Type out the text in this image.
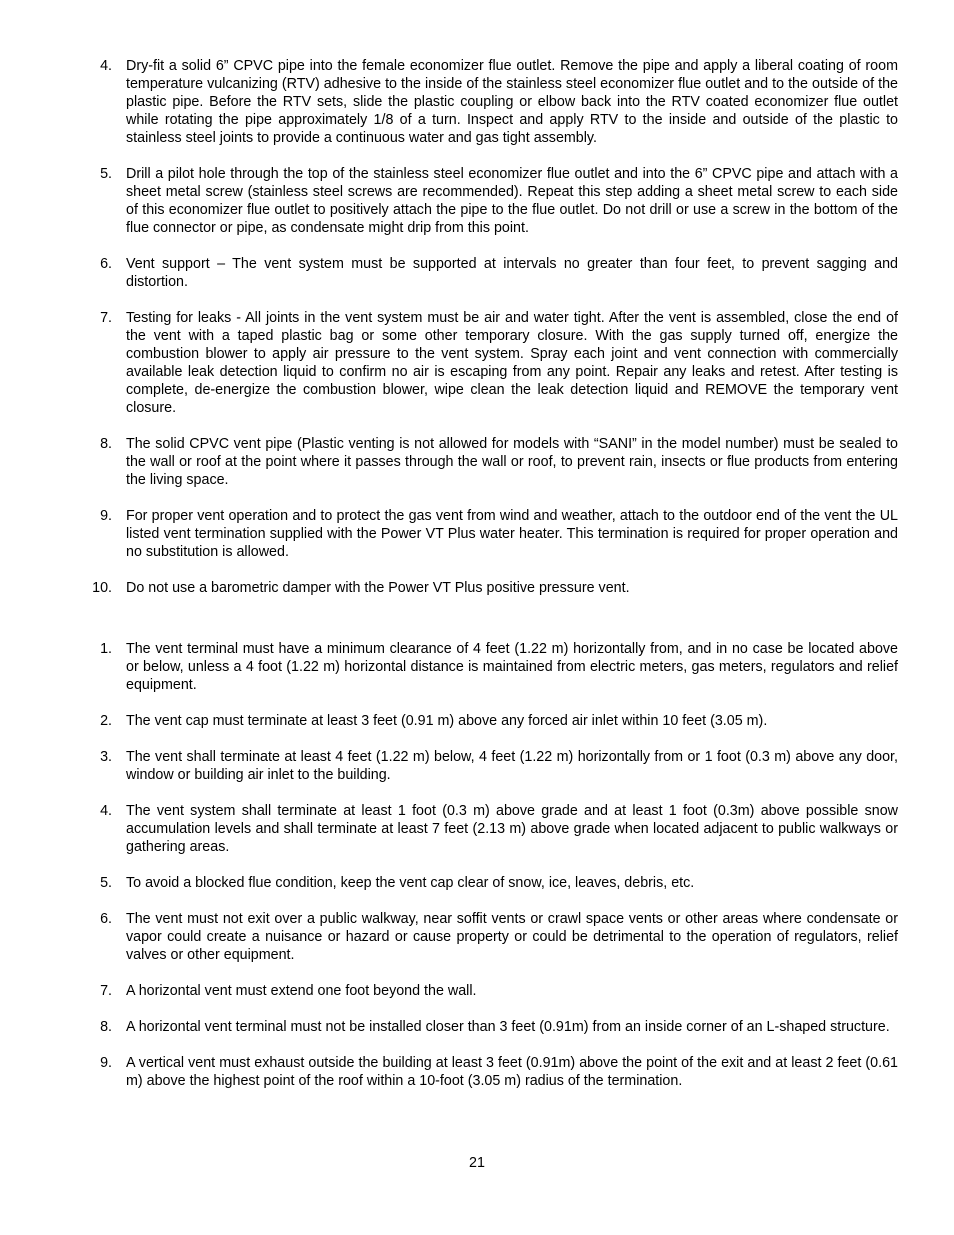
4. Dry-fit a solid 6” CPVC pipe into the female economizer flue outlet. Remove the pipe and apply a liberal coating of room temperature vulcanizing (RTV) adhesive to the inside of the stainless steel economizer flue outlet and to the outside of the plastic pipe. Before the RTV sets, slide the plastic coupling or elbow back into the RTV coated economizer flue outlet while rotating the pipe approximately 1/8 of a turn. Inspect and apply RTV to the inside and outside of the plastic to stainless steel joints to provide a continuous water and gas tight assembly.
5. Drill a pilot hole through the top of the stainless steel economizer flue outlet and into the 6” CPVC pipe and attach with a sheet metal screw (stainless steel screws are recommended). Repeat this step adding a sheet metal screw to each side of this economizer flue outlet to positively attach the pipe to the flue outlet. Do not drill or use a screw in the bottom of the flue connector or pipe, as condensate might drip from this point.
6. Vent support – The vent system must be supported at intervals no greater than four feet, to prevent sagging and distortion.
7. Testing for leaks - All joints in the vent system must be air and water tight. After the vent is assembled, close the end of the vent with a taped plastic bag or some other temporary closure. With the gas supply turned off, energize the combustion blower to apply air pressure to the vent system. Spray each joint and vent connection with commercially available leak detection liquid to confirm no air is escaping from any point. Repair any leaks and retest. After testing is complete, de-energize the combustion blower, wipe clean the leak detection liquid and REMOVE the temporary vent closure.
8. The solid CPVC vent pipe (Plastic venting is not allowed for models with “SANI” in the model number) must be sealed to the wall or roof at the point where it passes through the wall or roof, to prevent rain, insects or flue products from entering the living space.
9. For proper vent operation and to protect the gas vent from wind and weather, attach to the outdoor end of the vent the UL listed vent termination supplied with the Power VT Plus water heater. This termination is required for proper operation and no substitution is allowed.
10. Do not use a barometric damper with the Power VT Plus positive pressure vent.
1. The vent terminal must have a minimum clearance of 4 feet (1.22 m) horizontally from, and in no case be located above or below, unless a 4 foot (1.22 m) horizontal distance is maintained from electric meters, gas meters, regulators and relief equipment.
2. The vent cap must terminate at least 3 feet (0.91 m) above any forced air inlet within 10 feet (3.05 m).
3. The vent shall terminate at least 4 feet (1.22 m) below, 4 feet (1.22 m) horizontally from or 1 foot (0.3 m) above any door, window or building air inlet to the building.
4. The vent system shall terminate at least 1 foot (0.3 m) above grade and at least 1 foot (0.3m) above possible snow accumulation levels and shall terminate at least 7 feet (2.13 m) above grade when located adjacent to public walkways or gathering areas.
5. To avoid a blocked flue condition, keep the vent cap clear of snow, ice, leaves, debris, etc.
6. The vent must not exit over a public walkway, near soffit vents or crawl space vents or other areas where condensate or vapor could create a nuisance or hazard or cause property or could be detrimental to the operation of regulators, relief valves or other equipment.
7. A horizontal vent must extend one foot beyond the wall.
8. A horizontal vent terminal must not be installed closer than 3 feet (0.91m) from an inside corner of an L-shaped structure.
9. A vertical vent must exhaust outside the building at least 3 feet (0.91m) above the point of the exit and at least 2 feet (0.61 m) above the highest point of the roof within a 10-foot (3.05 m) radius of the termination.
21
